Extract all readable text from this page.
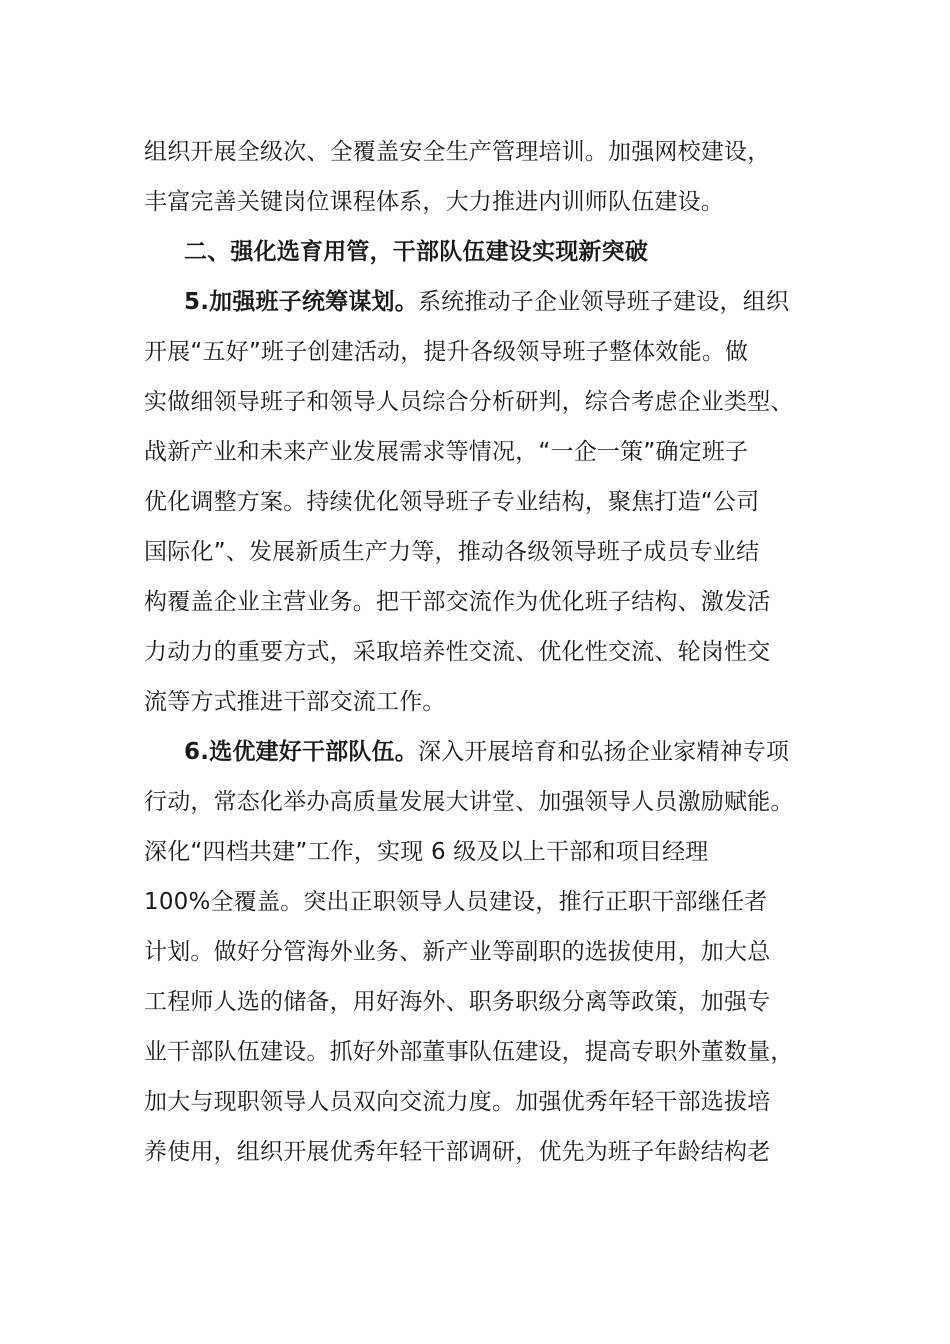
组织开展全级次、全覆盖安全生产管理培训。加强网校建设，
丰富完善关键岗位课程体系，大力推进内训师队伍建设。
二、强化选育用管，干部队伍建设实现新突破
5.加强班子统筹谋划。系统推动子企业领导班子建设，组织
开展“五好”班子创建活动，提升各级领导班子整体效能。做
实做细领导班子和领导人员综合分析研判，综合考虑企业类型、
战新产业和未来产业发展需求等情况，“一企一策”确定班子
优化调整方案。持续优化领导班子专业结构，聚焦打造“公司
国际化”、发展新质生产力等，推动各级领导班子成员专业结
构覆盖企业主营业务。把干部交流作为优化班子结构、激发活
力动力的重要方式，采取培养性交流、优化性交流、轮岗性交
流等方式推进干部交流工作。
6.选优建好干部队伍。深入开展培育和弘扬企业家精神专项
行动，常态化举办高质量发展大讲堂、加强领导人员激励赋能。
深化“四档共建”工作，实现 6 级及以上干部和项目经理
100%全覆盖。突出正职领导人员建设，推行正职干部继任者
计划。做好分管海外业务、新产业等副职的选拔使用，加大总
工程师人选的储备，用好海外、职务职级分离等政策，加强专
业干部队伍建设。抓好外部董事队伍建设，提高专职外董数量，
加大与现职领导人员双向交流力度。加强优秀年轻干部选拔培
养使用，组织开展优秀年轻干部调研，优先为班子年龄结构老
